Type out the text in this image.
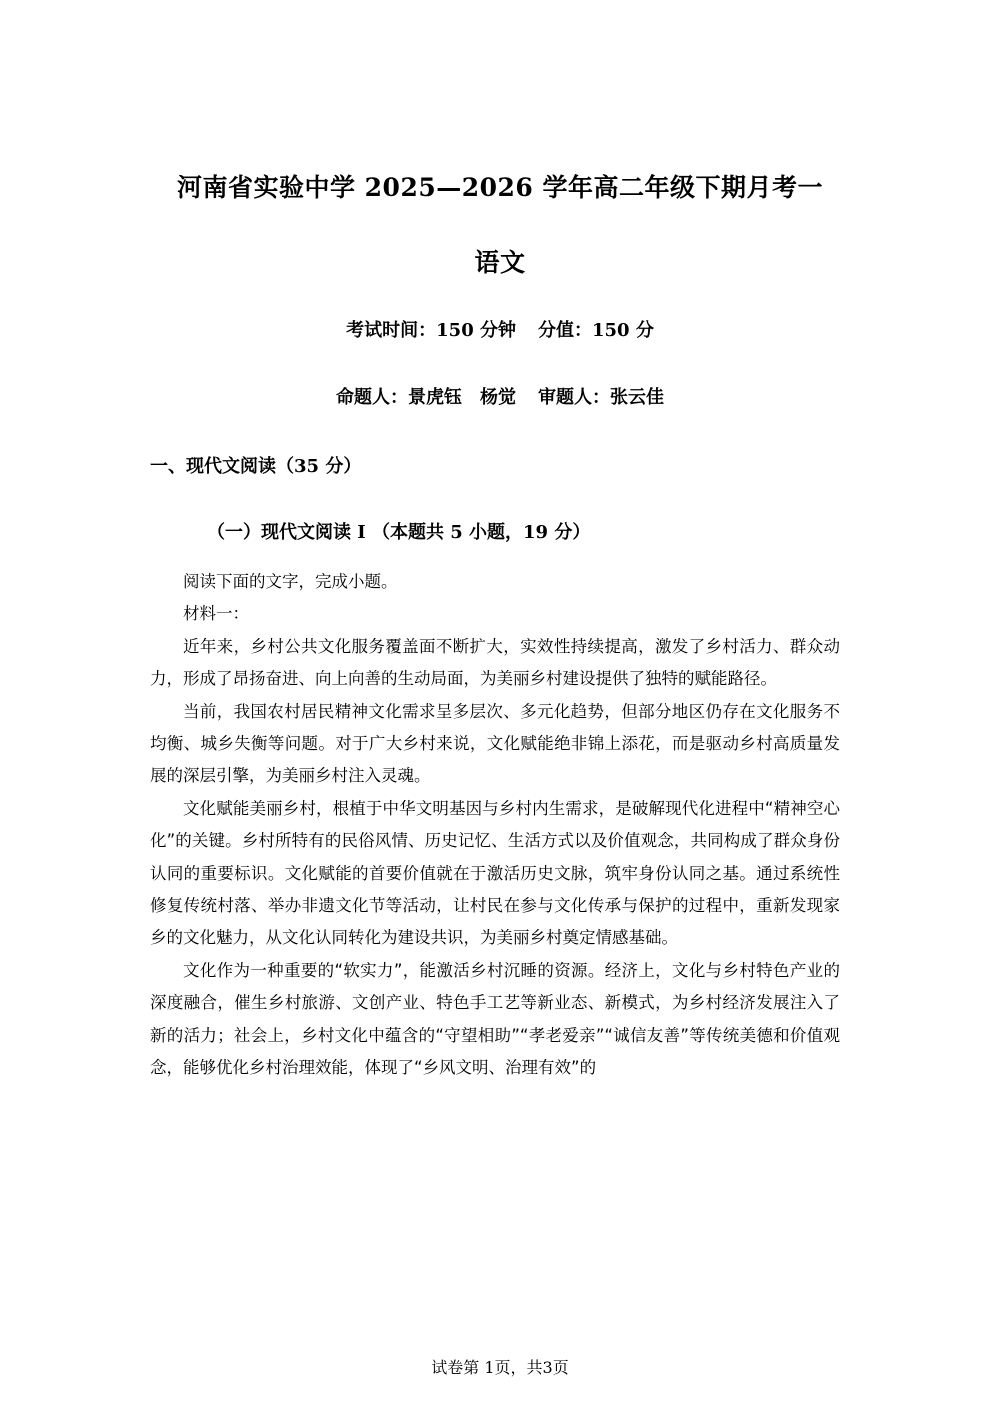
河南省实验中学 2025—2026 学年高二年级下期月考一
语文
考试时间：150 分钟 分值：150 分
命题人：景虎钰　杨觉 审题人：张云佳
一、现代文阅读（35 分）
（一）现代文阅读 I （本题共 5 小题，19 分）

阅读下面的文字，完成小题。

材料一：

近年来，乡村公共文化服务覆盖面不断扩大，实效性持续提高，激发了乡村活力、群众动力，形成了昂扬奋进、向上向善的生动局面，为美丽乡村建设提供了独特的赋能路径。

当前，我国农村居民精神文化需求呈多层次、多元化趋势，但部分地区仍存在文化服务不均衡、城乡失衡等问题。对于广大乡村来说，文化赋能绝非锦上添花，而是驱动乡村高质量发展的深层引擎，为美丽乡村注入灵魂。

文化赋能美丽乡村，根植于中华文明基因与乡村内生需求，是破解现代化进程中“精神空心化”的关键。乡村所特有的民俗风情、历史记忆、生活方式以及价值观念，共同构成了群众身份认同的重要标识。文化赋能的首要价值就在于激活历史文脉，筑牢身份认同之基。通过系统性修复传统村落、举办非遗文化节等活动，让村民在参与文化传承与保护的过程中，重新发现家乡的文化魅力，从文化认同转化为建设共识，为美丽乡村奠定情感基础。

文化作为一种重要的“软实力”，能激活乡村沉睡的资源。经济上，文化与乡村特色产业的深度融合，催生乡村旅游、文创产业、特色手工艺等新业态、新模式，为乡村经济发展注入了新的活力；社会上，乡村文化中蕴含的“守望相助”“孝老爱亲”“诚信友善”等传统美德和价值观念，能够优化乡村治理效能，体现了“乡风文明、治理有效”的

试卷第 1页，共3页
